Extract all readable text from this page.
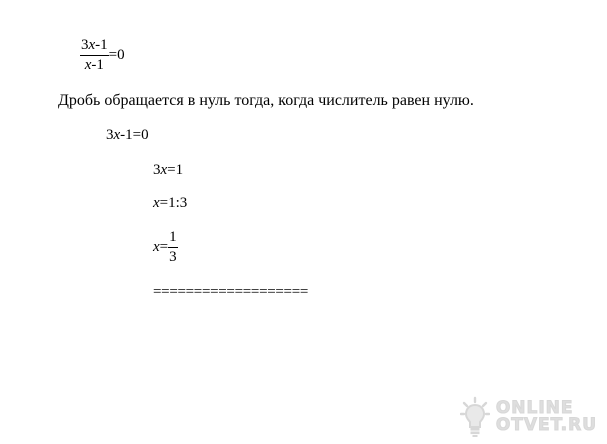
$\frac{3x-1}{x-1} =0$
Дробь обращается в нуль тогда, когда числитель равен нулю.
3x-1=0
3x=1
x=1:3
$x= \frac{1}{3}$
===================
ONLINE
OTVET.RU
